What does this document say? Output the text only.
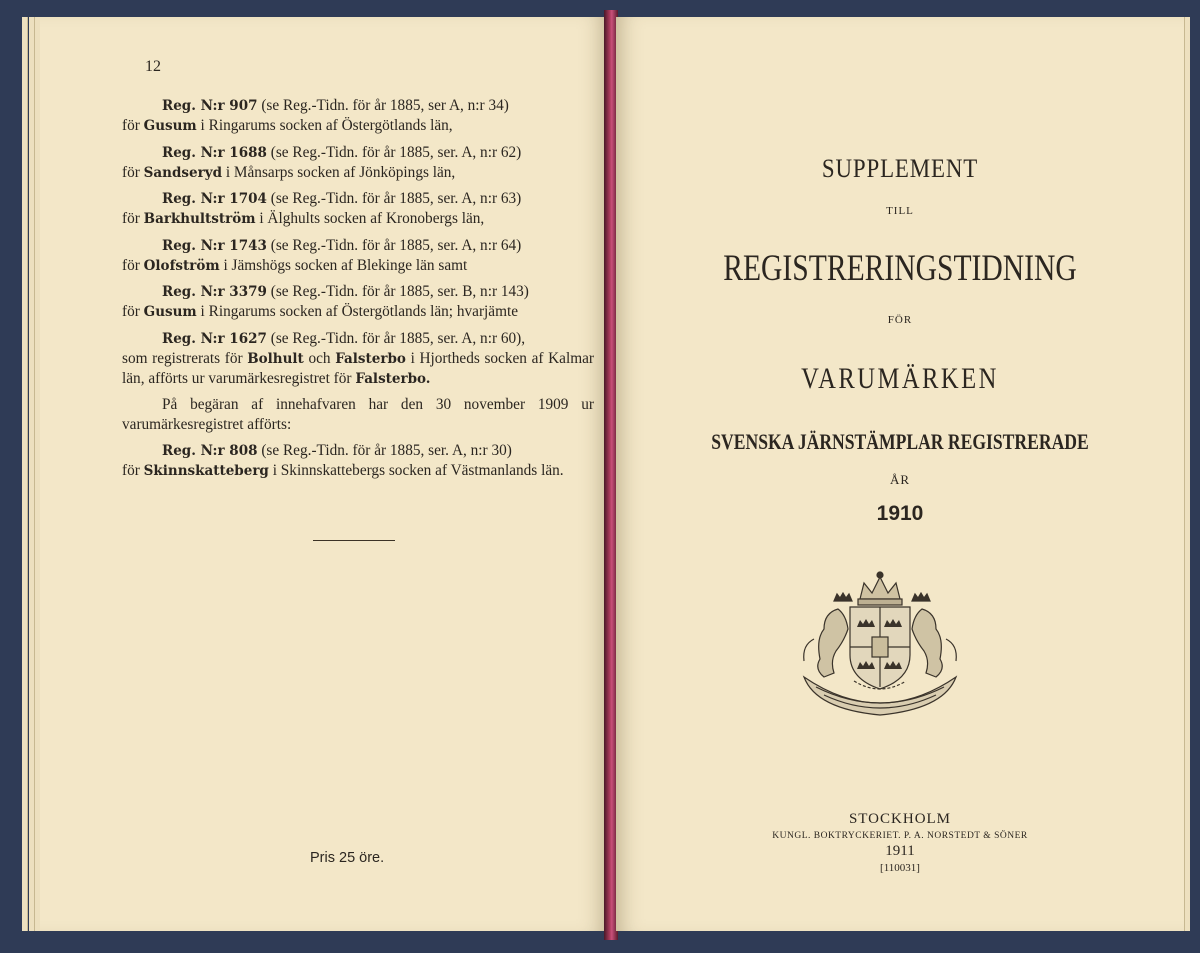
12
Reg. N:r 907 (se Reg.-Tidn. för år 1885, ser A, n:r 34)
för Gusum i Ringarums socken af Östergötlands län,
Reg. N:r 1688 (se Reg.-Tidn. för år 1885, ser. A, n:r 62)
för Sandseryd i Månsarps socken af Jönköpings län,
Reg. N:r 1704 (se Reg.-Tidn. för år 1885, ser. A, n:r 63)
för Barkhultström i Älghults socken af Kronobergs län,
Reg. N:r 1743 (se Reg.-Tidn. för år 1885, ser. A, n:r 64)
för Olofström i Jämshögs socken af Blekinge län samt
Reg. N:r 3379 (se Reg.-Tidn. för år 1885, ser. B, n:r 143)
för Gusum i Ringarums socken af Östergötlands län; hvarjämte
Reg. N:r 1627 (se Reg.-Tidn. för år 1885, ser. A, n:r 60),
som registrerats för Bolhult och Falsterbo i Hjortheds socken af Kalmar län, afförts ur varumärkesregistret för Falsterbo.

På begäran af innehafvaren har den 30 november 1909 ur varumärkesregistret afförts:

Reg. N:r 808 (se Reg.-Tidn. för år 1885, ser. A, n:r 30)
för Skinnskatteberg i Skinnskattebergs socken af Västmanlands län.
Pris 25 öre.
SUPPLEMENT
TILL
REGISTRERINGSTIDNING
FÖR
VARUMÄRKEN
SVENSKA JÄRNSTÄMPLAR REGISTRERADE
ÅR
1910
STOCKHOLM
KUNGL. BOKTRYCKERIET. P. A. NORSTEDT & SÖNER
1911
[110031]
